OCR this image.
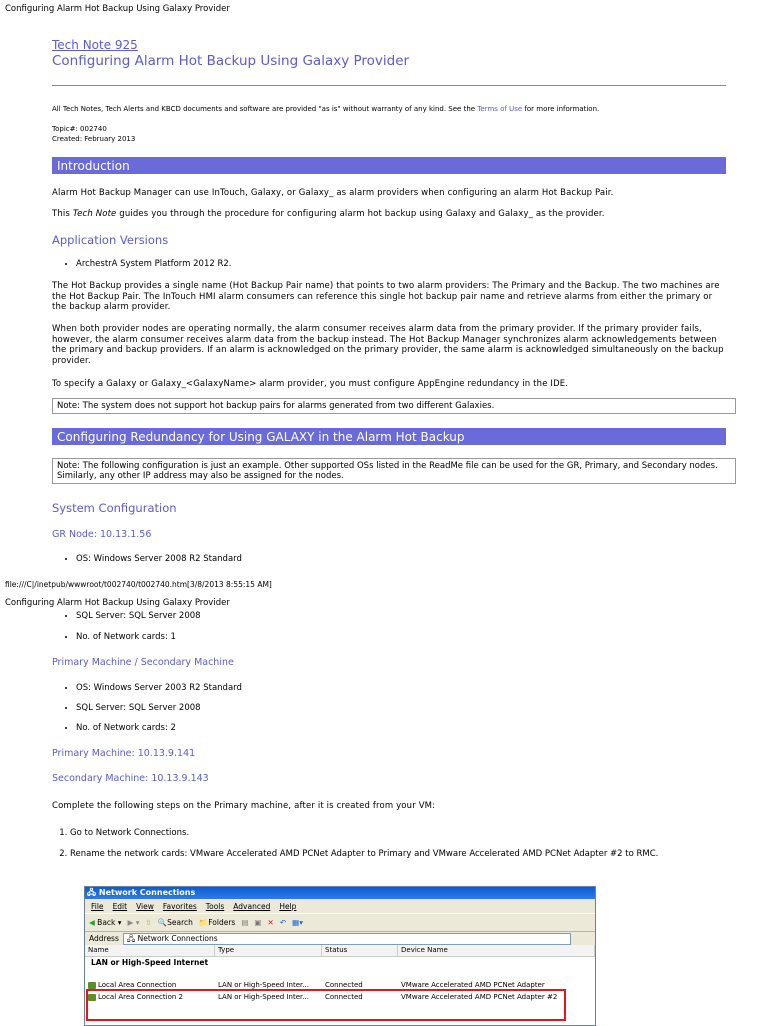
Configuring Alarm Hot Backup Using Galaxy Provider
Tech Note 925
Configuring Alarm Hot Backup Using Galaxy Provider
All Tech Notes, Tech Alerts and KBCD documents and software are provided "as is" without warranty of any kind. See the Terms of Use for more information.
Topic#: 002740
Created: February 2013
Introduction

Alarm Hot Backup Manager can use InTouch, Galaxy, or Galaxy_ as alarm providers when configuring an alarm Hot Backup Pair.

This Tech Note guides you through the procedure for configuring alarm hot backup using Galaxy and Galaxy_ as the provider.

Application Versions
• ArchestrA System Platform 2012 R2.

The Hot Backup provides a single name (Hot Backup Pair name) that points to two alarm providers: The Primary and the Backup. The two machines are the Hot Backup Pair. The InTouch HMI alarm consumers can reference this single hot backup pair name and retrieve alarms from either the primary or the backup alarm provider.

When both provider nodes are operating normally, the alarm consumer receives alarm data from the primary provider. If the primary provider fails, however, the alarm consumer receives alarm data from the backup instead. The Hot Backup Manager synchronizes alarm acknowledgements between the primary and backup providers. If an alarm is acknowledged on the primary provider, the same alarm is acknowledged simultaneously on the backup provider.

To specify a Galaxy or Galaxy_<GalaxyName> alarm provider, you must configure AppEngine redundancy in the IDE.

Note: The system does not support hot backup pairs for alarms generated from two different Galaxies.
Configuring Redundancy for Using GALAXY in the Alarm Hot Backup
Note: The following configuration is just an example. Other supported OSs listed in the ReadMe file can be used for the GR, Primary, and Secondary nodes. Similarly, any other IP address may also be assigned for the nodes.
System Configuration
GR Node: 10.13.1.56
• OS: Windows Server 2008 R2 Standard
file:///C|/inetpub/wwwroot/t002740/t002740.htm[3/8/2013 8:55:15 AM]
Configuring Alarm Hot Backup Using Galaxy Provider
• SQL Server: SQL Server 2008
• No. of Network cards: 1
Primary Machine / Secondary Machine
• OS: Windows Server 2003 R2 Standard
• SQL Server: SQL Server 2008
• No. of Network cards: 2
Primary Machine: 10.13.9.141
Secondary Machine: 10.13.9.143

Complete the following steps on the Primary machine, after it is created from your VM:

1. Go to Network Connections.
2. Rename the network cards: VMware Accelerated AMD PCNet Adapter to Primary and VMware Accelerated AMD PCNet Adapter #2 to RMC.
🖧 Network Connections
File Edit View Favorites Tools Advanced Help
◀ Back ▾ ▶ ▾ ⇧ 🔍Search 📁Folders ▤ ▣ ✕ ↶ ▦▾
Address	🖧 Network Connections
Name	Type	Status	Device Name
LAN or High-Speed Internet
Local Area Connection	LAN or High-Speed Inter...	Connected	VMware Accelerated AMD PCNet Adapter
Local Area Connection 2	LAN or High-Speed Inter...	Connected	VMware Accelerated AMD PCNet Adapter #2
